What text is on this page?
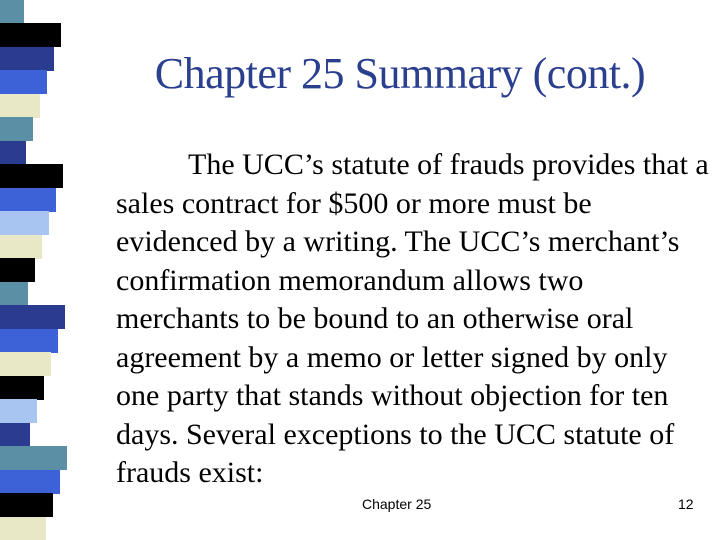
Chapter 25 Summary (cont.)

The UCC’s statute of frauds provides that a sales contract for $500 or more must be evidenced by a writing. The UCC’s merchant’s confirmation memorandum allows two merchants to be bound to an otherwise oral agreement by a memo or letter signed by only one party that stands without objection for ten days. Several exceptions to the UCC statute of frauds exist:

Chapter 25	12
